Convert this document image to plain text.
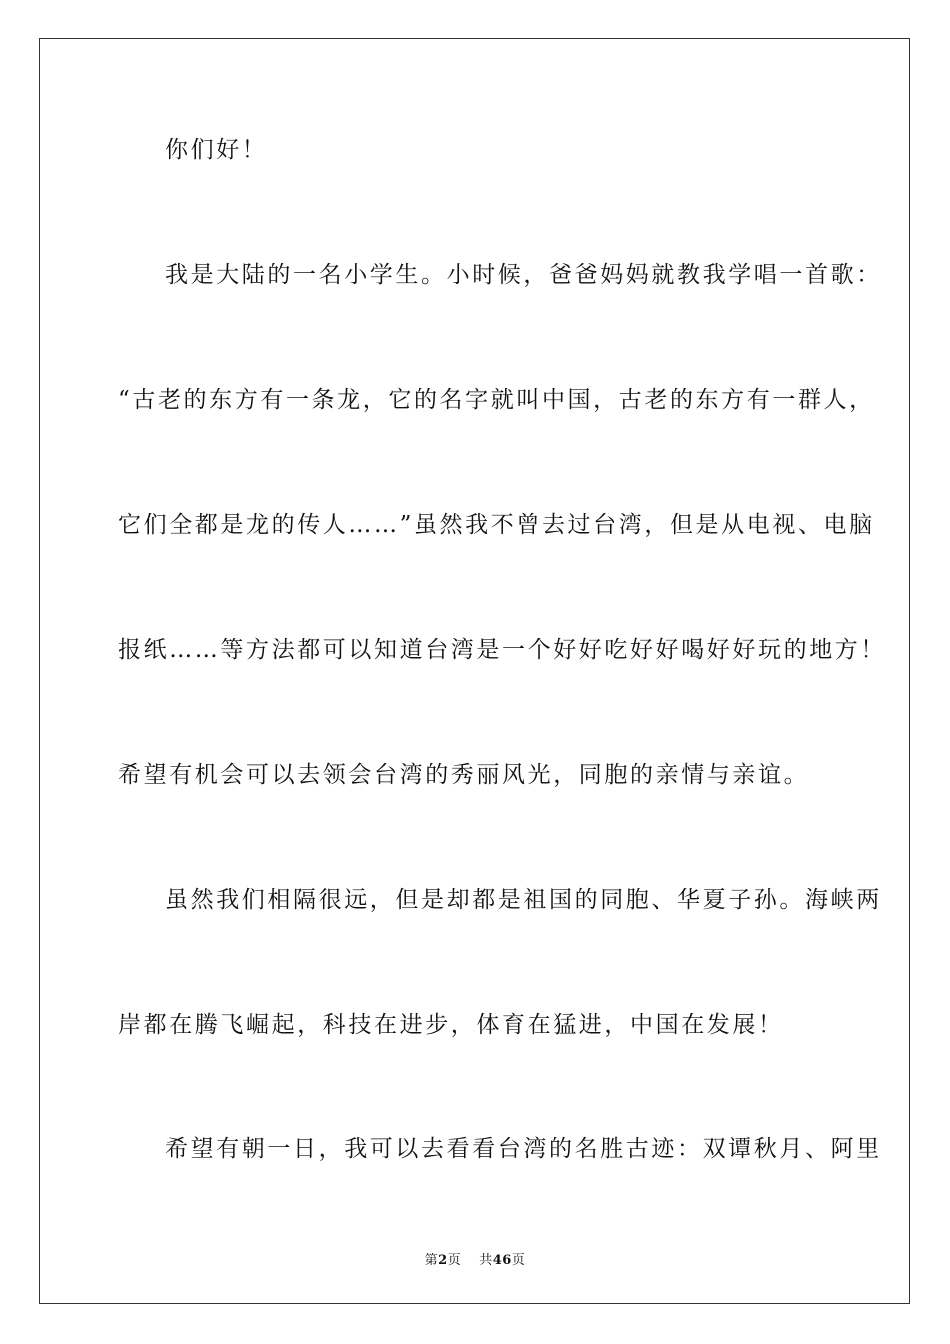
你们好！
我是大陆的一名小学生。小时候，爸爸妈妈就教我学唱一首歌：
“古老的东方有一条龙，它的名字就叫中国，古老的东方有一群人，
它们全都是龙的传人……”虽然我不曾去过台湾，但是从电视、电脑
报纸……等方法都可以知道台湾是一个好好吃好好喝好好玩的地方！
希望有机会可以去领会台湾的秀丽风光，同胞的亲情与亲谊。
虽然我们相隔很远，但是却都是祖国的同胞、华夏子孙。海峡两
岸都在腾飞崛起，科技在进步，体育在猛进，中国在发展！
希望有朝一日，我可以去看看台湾的名胜古迹：双谭秋月、阿里
第2页 共46页
